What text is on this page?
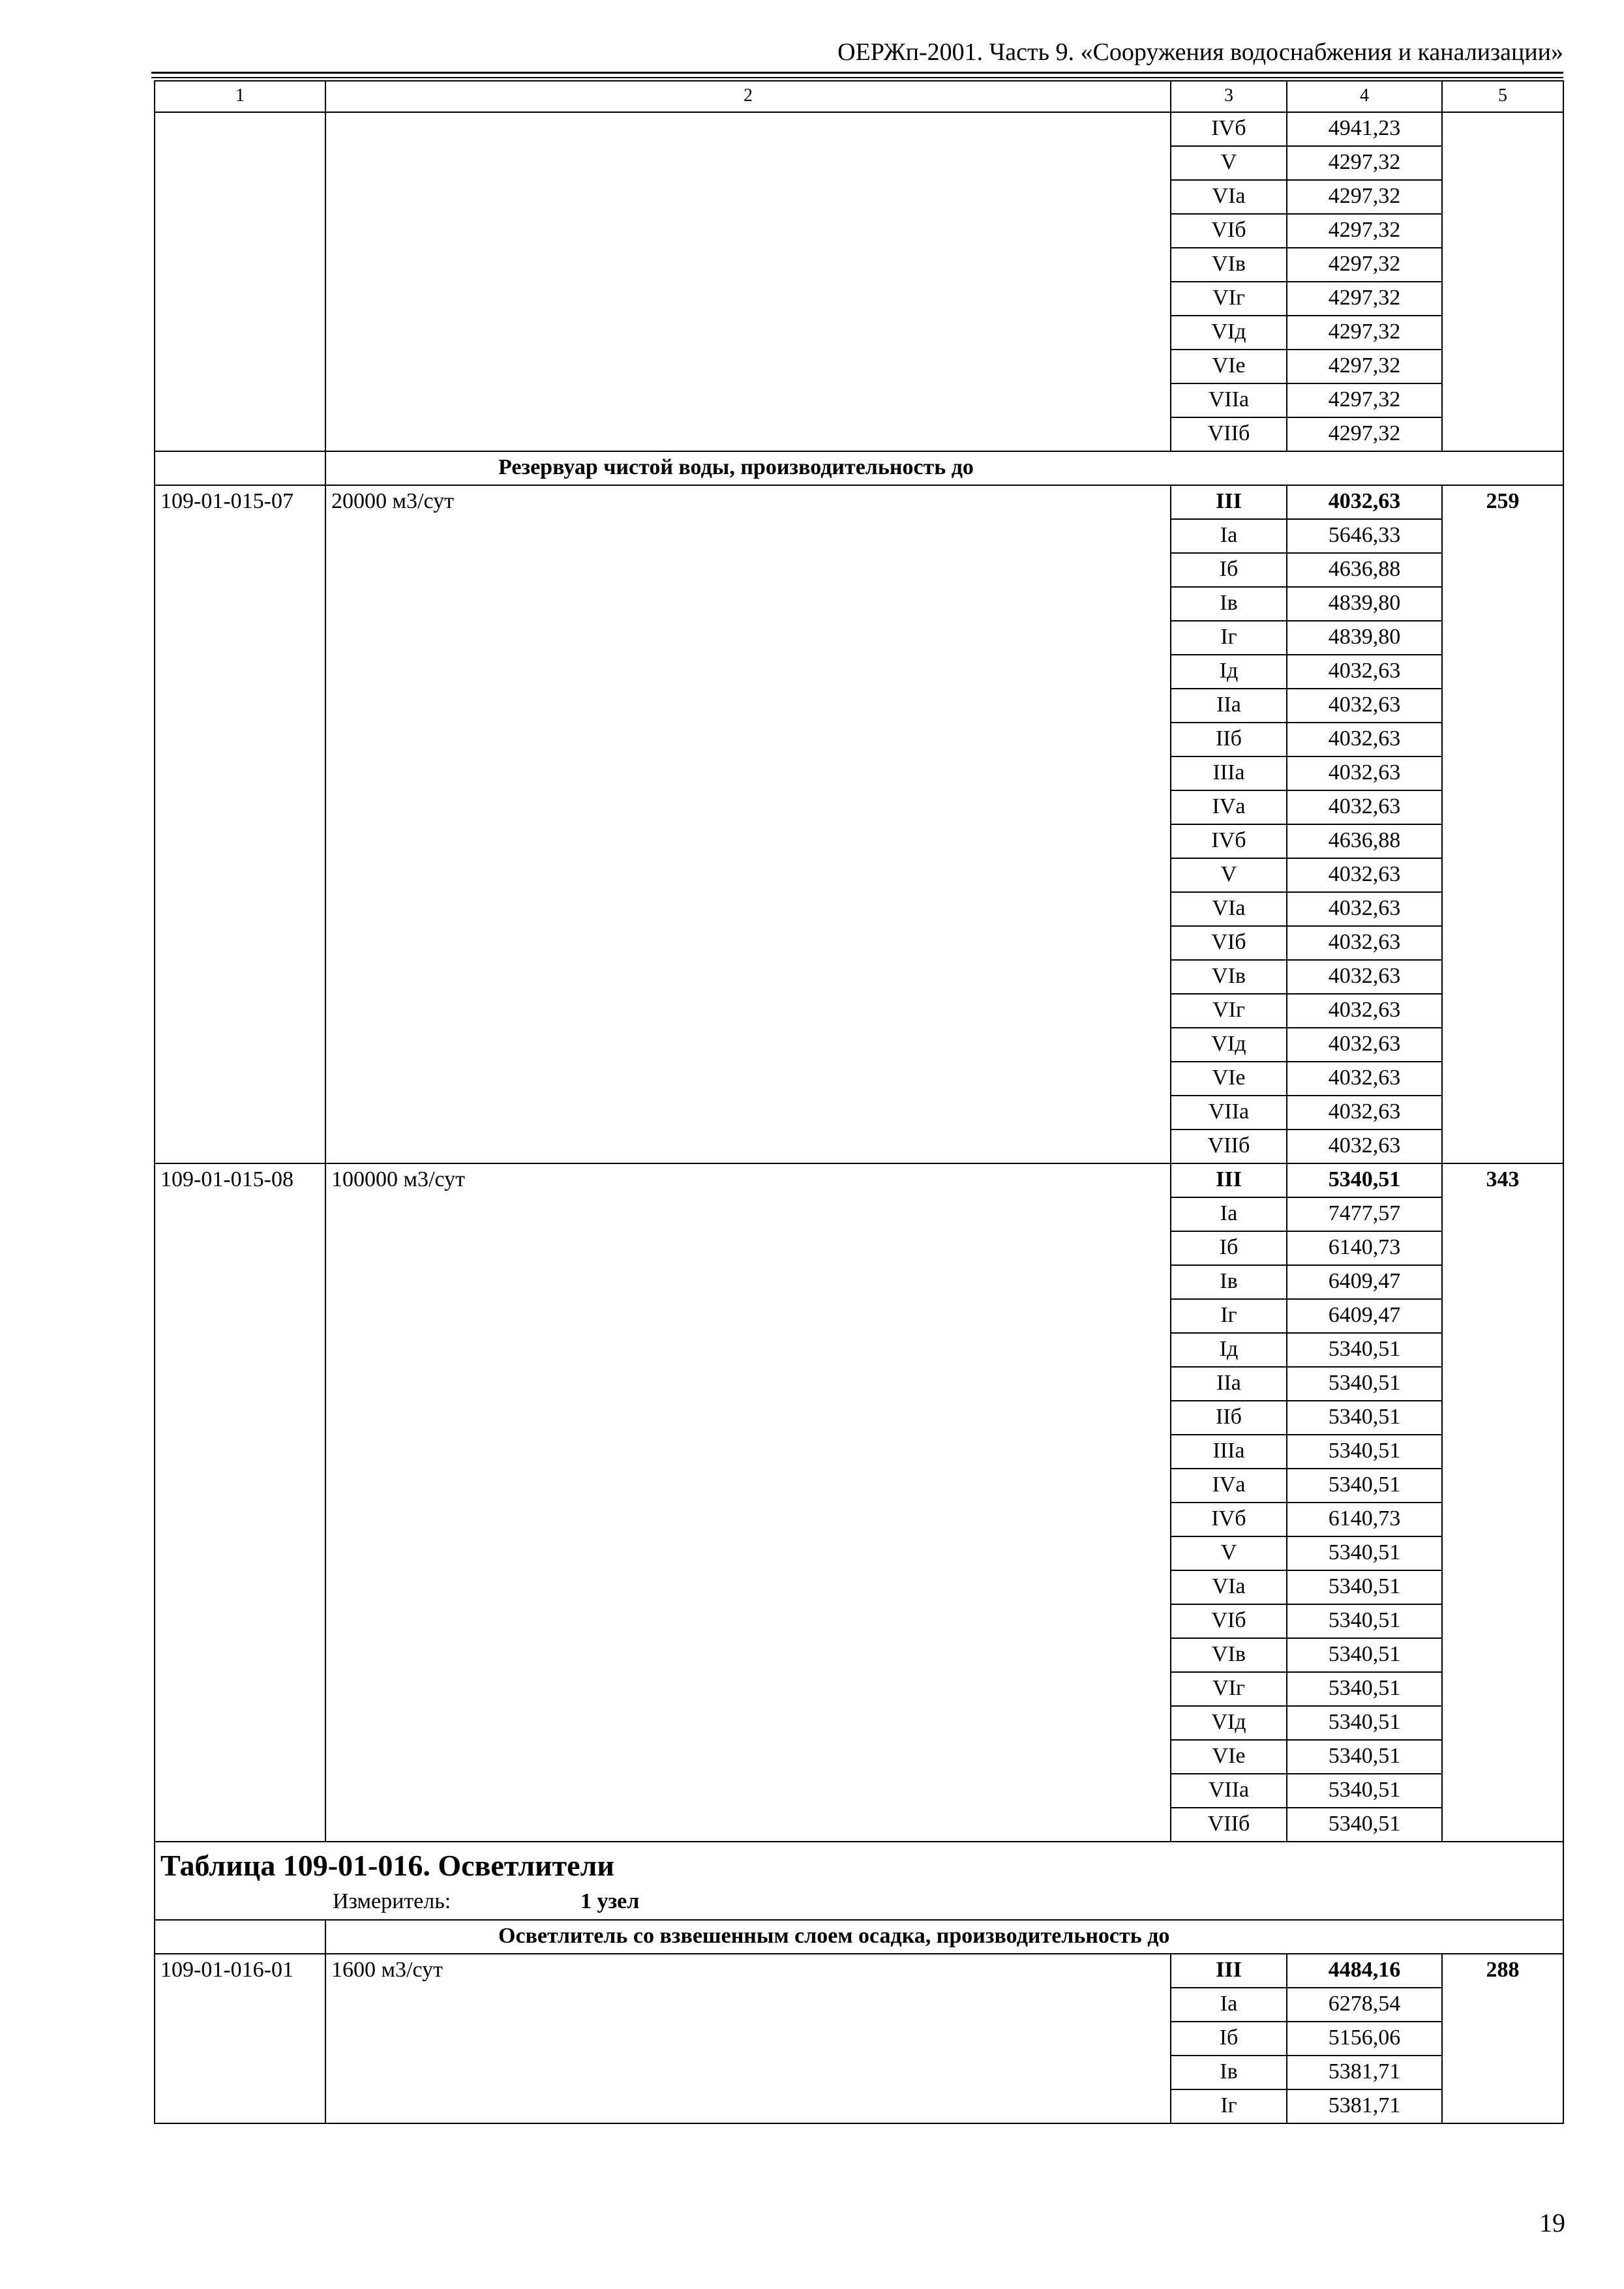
ОЕРЖп-2001. Часть 9. «Сооружения водоснабжения и канализации»
1	2	3	4	5
		IVб	4941,23	
		V	4297,32	
		VIа	4297,32	
		VIб	4297,32	
		VIв	4297,32	
		VIг	4297,32	
		VIд	4297,32	
		VIе	4297,32	
		VIIа	4297,32	
		VIIб	4297,32	
	Резервуар чистой воды, производительность до			
109-01-015-07	20000 м3/сут	III	4032,63	259
		Iа	5646,33	
		Iб	4636,88	
		Iв	4839,80	
		Iг	4839,80	
		Iд	4032,63	
		IIа	4032,63	
		IIб	4032,63	
		IIIа	4032,63	
		IVа	4032,63	
		IVб	4636,88	
		V	4032,63	
		VIа	4032,63	
		VIб	4032,63	
		VIв	4032,63	
		VIг	4032,63	
		VIд	4032,63	
		VIе	4032,63	
		VIIа	4032,63	
		VIIб	4032,63	
109-01-015-08	100000 м3/сут	III	5340,51	343
		Iа	7477,57	
		Iб	6140,73	
		Iв	6409,47	
		Iг	6409,47	
		Iд	5340,51	
		IIа	5340,51	
		IIб	5340,51	
		IIIа	5340,51	
		IVа	5340,51	
		IVб	6140,73	
		V	5340,51	
		VIа	5340,51	
		VIб	5340,51	
		VIв	5340,51	
		VIг	5340,51	
		VIд	5340,51	
		VIе	5340,51	
		VIIа	5340,51	
		VIIб	5340,51	

Таблица 109-01-016. Осветлители
Измеритель: 1 узел				

	Осветлитель со взвешенным слоем осадка, производительность до			
109-01-016-01	1600 м3/сут	III	4484,16	288
		Iа	6278,54	
		Iб	5156,06	
		Iв	5381,71	
		Iг	5381,71	
19
